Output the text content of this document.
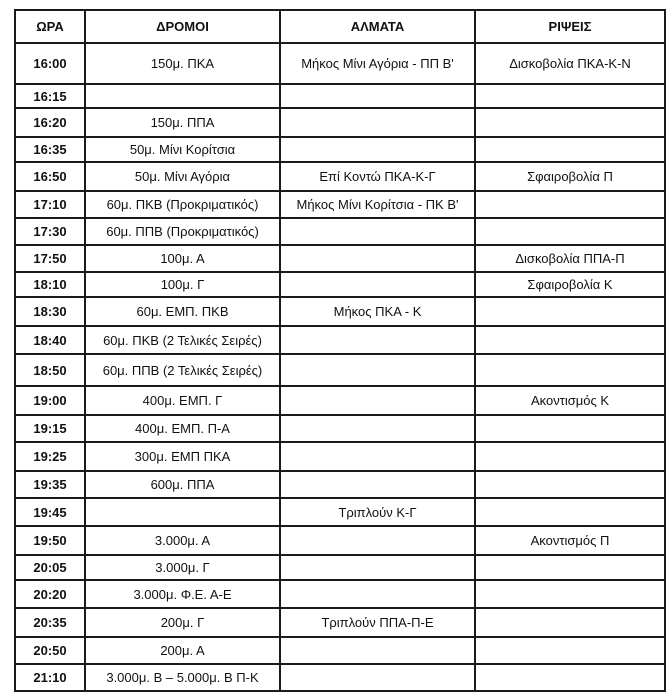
ΩΡΑ	ΔΡΟΜΟΙ	ΑΛΜΑΤΑ	ΡΙΨΕΙΣ
16:00	150μ. ΠΚΑ	Μήκος Μίνι Αγόρια - ΠΠ Β'	Δισκοβολία ΠΚΑ-Κ-Ν
16:15			
16:20	150μ. ΠΠΑ		
16:35	50μ. Μίνι Κορίτσια		
16:50	50μ. Μίνι Αγόρια	Επί Κοντώ ΠΚΑ-Κ-Γ	Σφαιροβολία Π
17:10	60μ. ΠΚΒ (Προκριματικός)	Μήκος Μίνι Κορίτσια - ΠΚ Β'	
17:30	60μ. ΠΠΒ (Προκριματικός)		
17:50	100μ. Α		Δισκοβολία ΠΠΑ-Π
18:10	100μ. Γ		Σφαιροβολία Κ
18:30	60μ. ΕΜΠ. ΠΚΒ	Μήκος ΠΚΑ - Κ	
18:40	60μ. ΠΚΒ (2 Τελικές Σειρές)		
18:50	60μ. ΠΠΒ (2 Τελικές Σειρές)		
19:00	400μ. ΕΜΠ. Γ		Ακοντισμός Κ
19:15	400μ. ΕΜΠ. Π-Α		
19:25	300μ. ΕΜΠ ΠΚΑ		
19:35	600μ. ΠΠΑ		
19:45		Τριπλούν Κ-Γ	
19:50	3.000μ. Α		Ακοντισμός Π
20:05	3.000μ. Γ		
20:20	3.000μ. Φ.Ε. Α-Ε		
20:35	200μ. Γ	Τριπλούν ΠΠΑ-Π-Ε	
20:50	200μ. Α		
21:10	3.000μ. Β – 5.000μ. Β Π-Κ		
